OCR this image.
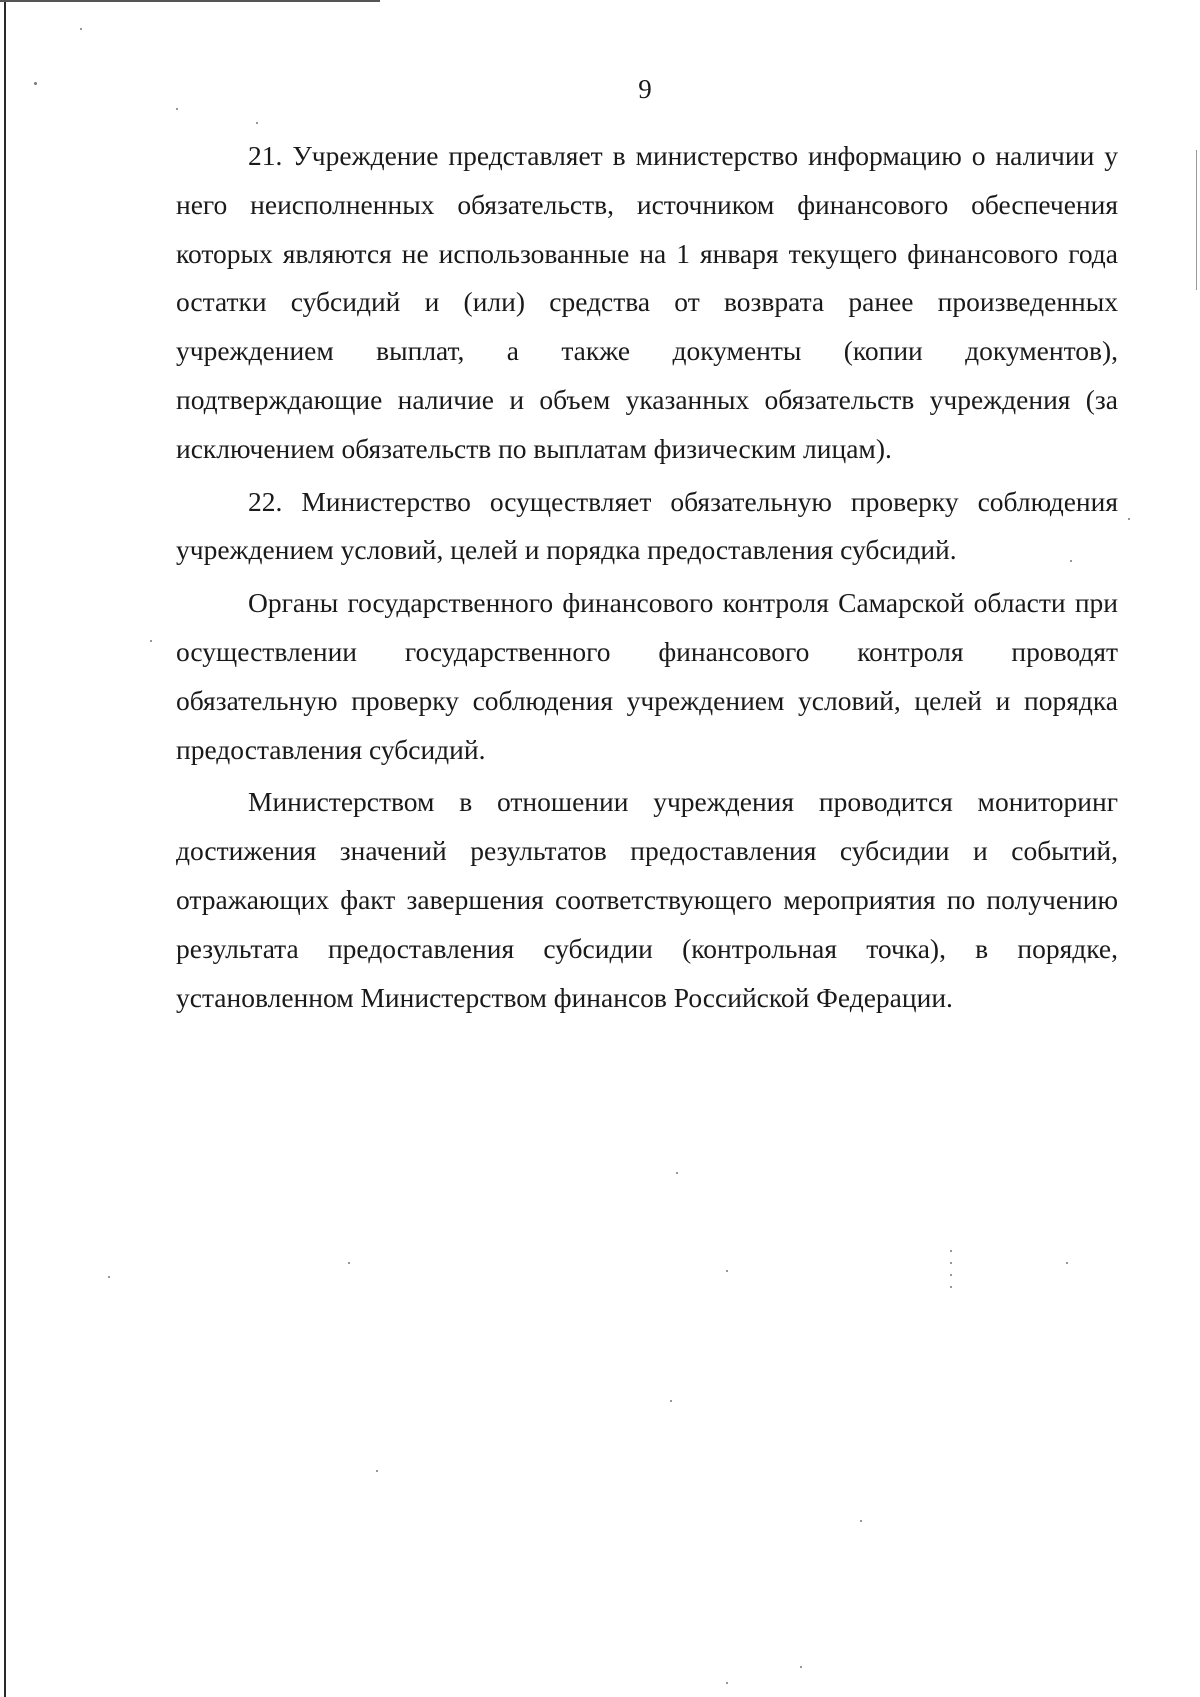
9

21. Учреждение представляет в министерство информацию о наличии у него неисполненных обязательств, источником финансового обеспечения которых являются не использованные на 1 января текущего финансового года остатки субсидий и (или) средства от возврата ранее произведенных учреждением выплат, а также документы (копии документов), подтверждающие наличие и объем указанных обязательств учреждения (за исключением обязательств по выплатам физическим лицам).

22. Министерство осуществляет обязательную проверку соблюдения учреждением условий, целей и порядка предоставления субсидий.

Органы государственного финансового контроля Самарской области при осуществлении государственного финансового контроля проводят обязательную проверку соблюдения учреждением условий, целей и порядка предоставления субсидий.

Министерством в отношении учреждения проводится мониторинг достижения значений результатов предоставления субсидии и событий, отражающих факт завершения соответствующего мероприятия по получению результата предоставления субсидии (контрольная точка), в порядке, установленном Министерством финансов Российской Федерации.
